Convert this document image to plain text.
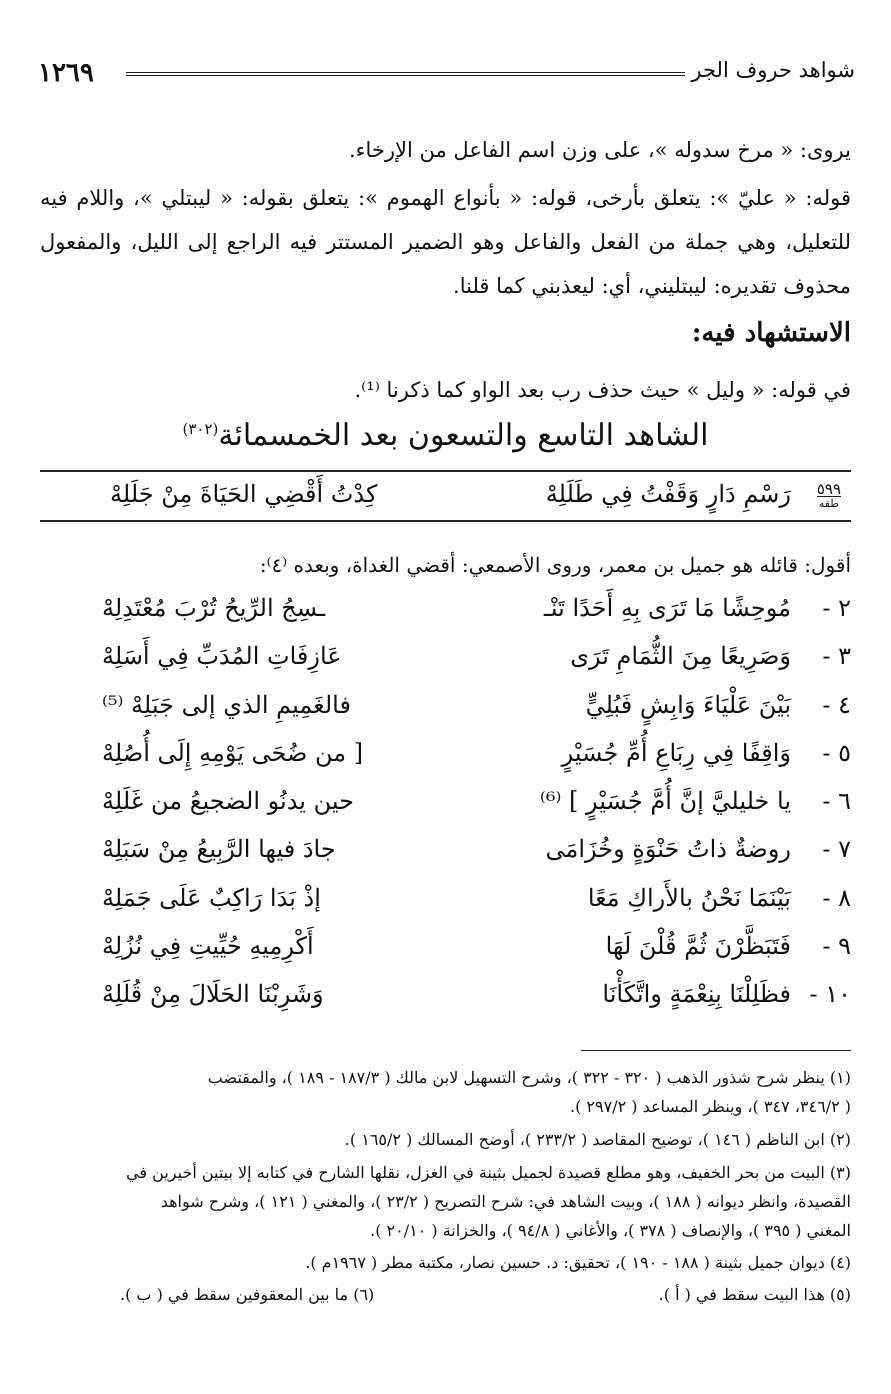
١٢٦٩	شواهد حروف الجر
يروى: « مرخ سدوله »، على وزن اسم الفاعل من الإرخاء.
قوله: « عليّ »: يتعلق بأرخى، قوله: « بأنواع الهموم »: يتعلق بقوله: « ليبتلي »، واللام فيه للتعليل، وهي جملة من الفعل والفاعل وهو الضمير المستتر فيه الراجع إلى الليل، والمفعول محذوف تقديره: ليبتليني، أي: ليعذبني كما قلنا.
الاستشهاد فيه:
في قوله: « وليل » حيث حذف رب بعد الواو كما ذكرنا ⁽¹⁾.
الشاهد التاسع والتسعون بعد الخمسمائة$^{(٣٠٢)}$
٥٩٩
طقه
رَسْمِ دَارٍ وَقَفْتُ فِي طَلَلِهْ
كِدْتُ أَقْضِي الحَيَاةَ مِنْ جَلَلِهْ
أقول: قائله هو جميل بن معمر، وروى الأصمعي: أقضي الغداة، وبعده ⁽٤⁾:
٢ -
مُوحِشًا مَا تَرَى بِهِ أَحَدًا تَنْـ
ـسِجُ الرِّيحُ تُرْبَ مُعْتَدِلِهْ
٣ -
وَصَرِيعًا مِنَ الثُّمَامِ تَرَى
عَازِفَاتِ المُدَبِّ فِي أَسَلِهْ
٤ -
بَيْنَ عَلْيَاءَ وَابِشٍ فَبُلِيٍّ
فالغَمِيمِ الذي إلى جَبَلِهْ ⁽⁵⁾
٥ -
وَاقِفًا فِي رِبَاعِ أُمِّ جُسَيْرٍ
[ من ضُحَى يَوْمِهِ إِلَى أُصُلِهْ
٦ -
يا خليليَّ إنَّ أُمَّ جُسَيْرٍ ] ⁽⁶⁾
حين يدنُو الضجيعُ من غَلَلِهْ
٧ -
روضةٌ ذاتُ حَنْوَةٍ وخُزَامَى
جادَ فيها الرَّبِيعُ مِنْ سَبَلِهْ
٨ -
بَيْنَمَا نَحْنُ بالأَراكِ مَعًا
إذْ بَدَا رَاكِبٌ عَلَى جَمَلِهْ
٩ -
فَتَبَظَّرْنَ ثُمَّ قُلْنَ لَهَا
أَكْرِمِيهِ حُيِّيتِ فِي نُزُلِهْ
١٠ -
فظَلِلْنَا بِنِعْمَةٍ واتَّكَأْنَا
وَشَرِبْنَا الحَلَالَ مِنْ قُلَلِهْ
(١) ينظر شرح شذور الذهب ( ٣٢٠ - ٣٢٢ )، وشرح التسهيل لابن مالك ( ١٨٧/٣ - ١٨٩ )، والمقتضب
( ٣٤٦/٢، ٣٤٧ )، وينظر المساعد ( ٢٩٧/٢ ).
(٢) ابن الناظم ( ١٤٦ )، توضيح المقاصد ( ٢٣٣/٢ )، أوضح المسالك ( ١٦٥/٢ ).
(٣) البيت من بحر الخفيف، وهو مطلع قصيدة لجميل بثينة في الغزل، نقلها الشارح في كتابه إلا بيتين أخيرين في
القصيدة، وانظر ديوانه ( ١٨٨ )، وبيت الشاهد في: شرح التصريح ( ٢٣/٢ )، والمغني ( ١٢١ )، وشرح شواهد
المغني ( ٣٩٥ )، والإنصاف ( ٣٧٨ )، والأغاني ( ٩٤/٨ )، والخزانة ( ٢٠/١٠ ).
(٤) ديوان جميل بثينة ( ١٨٨ - ١٩٠ )، تحقيق: د. حسين نصار، مكتبة مطر ( ١٩٦٧م ).
(٥) هذا البيت سقط في ( أ ).
(٦) ما بين المعقوفين سقط في ( ب ).
